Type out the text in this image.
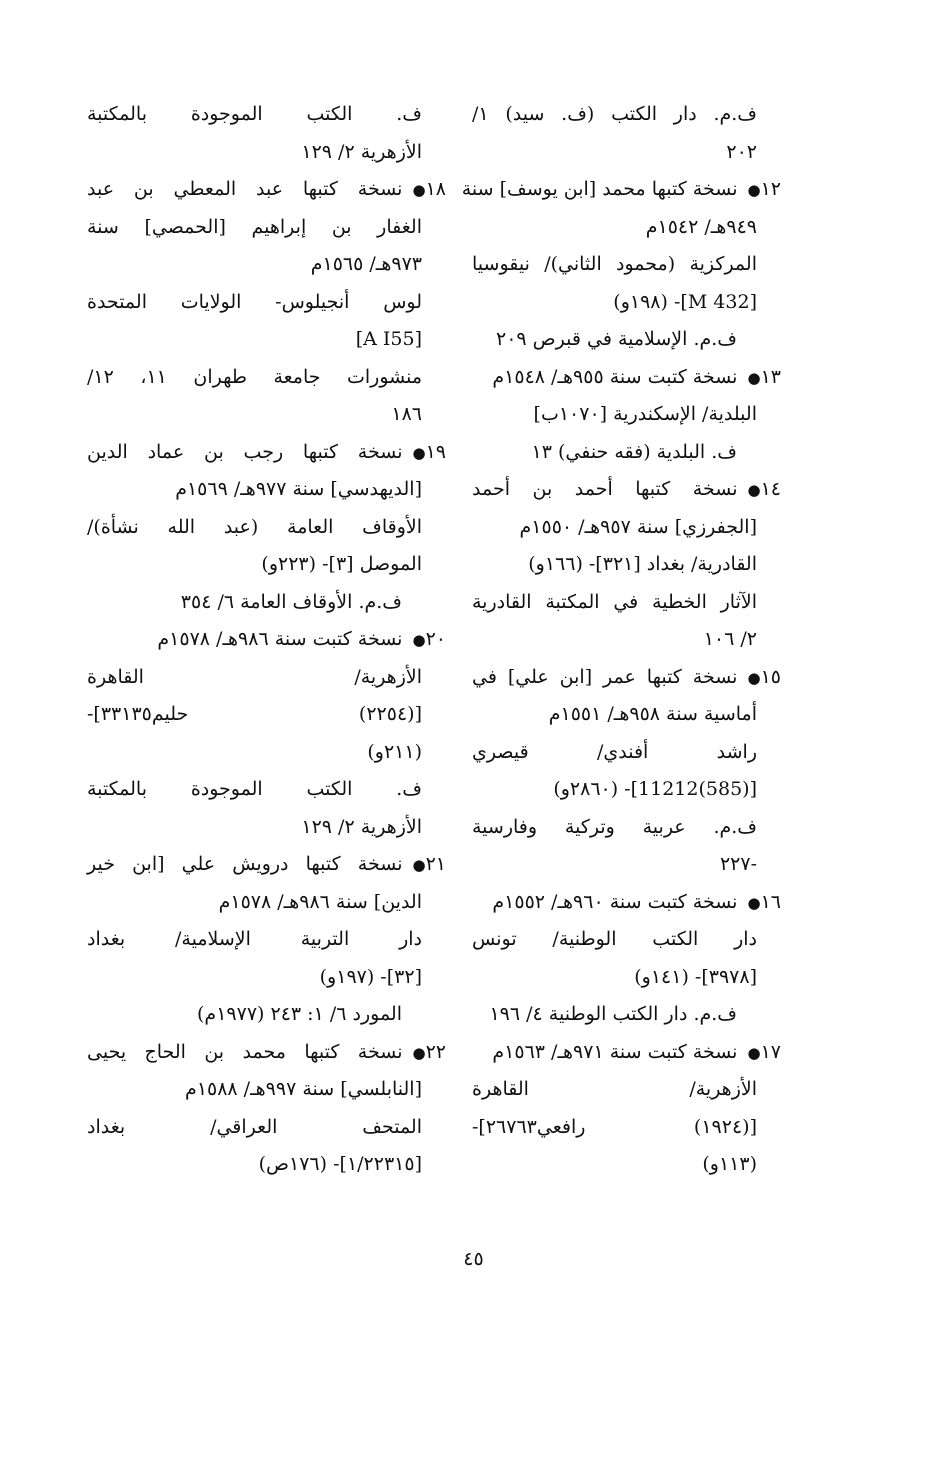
ف.م. دار الكتب (ف. سيد) ١/
٢٠٢
١٢●نسخة كتبها محمد [ابن يوسف] سنة
٩٤٩هـ/ ١٥٤٢م
المركزية (محمود الثاني)/ نيقوسيا
[M 432]- (١٩٨و)
ف.م. الإسلامية في قبرص ٢٠٩
١٣●نسخة كتبت سنة ٩٥٥هـ/ ١٥٤٨م
البلدية/ الإسكندرية [١٠٧٠ب]
ف. البلدية (فقه حنفي) ١٣
١٤●نسخة كتبها أحمد بن أحمد
[الجفرزي] سنة ٩٥٧هـ/ ١٥٥٠م
القادرية/ بغداد [٣٢١]- (١٦٦و)
الآثار الخطية في المكتبة القادرية
٢/ ١٠٦
١٥●نسخة كتبها عمر [ابن علي] في
أماسية سنة ٩٥٨هـ/ ١٥٥١م
راشد أفندي/ قيصري
[(585)11212]- (٢٨٦٠و)
ف.م. عربية وتركية وفارسية
-٢٢٧
١٦●نسخة كتبت سنة ٩٦٠هـ/ ١٥٥٢م
دار الكتب الوطنية/ تونس
[٣٩٧٨]- (١٤١و)
ف.م. دار الكتب الوطنية ٤/ ١٩٦
١٧●نسخة كتبت سنة ٩٧١هـ/ ١٥٦٣م
الأزهرية/ القاهرة
[(١٩٢٤) رافعي٢٦٧٦٣]-
(١١٣و)
ف. الكتب الموجودة بالمكتبة
الأزهرية ٢/ ١٢٩
١٨●نسخة كتبها عبد المعطي بن عبد
الغفار بن إبراهيم [الحمصي] سنة
٩٧٣هـ/ ١٥٦٥م
لوس أنجيلوس- الولايات المتحدة
[A I55]
منشورات جامعة طهران ١١، ١٢/
١٨٦
١٩●نسخة كتبها رجب بن عماد الدين
[الديهدسي] سنة ٩٧٧هـ/ ١٥٦٩م
الأوقاف العامة (عبد الله نشأة)/
الموصل [٣]- (٢٢٣و)
ف.م. الأوقاف العامة ٦/ ٣٥٤
٢٠●نسخة كتبت سنة ٩٨٦هـ/ ١٥٧٨م
الأزهرية/ القاهرة
[(٢٢٥٤) حليم٣٣١٣٥]-
(٢١١و)
ف. الكتب الموجودة بالمكتبة
الأزهرية ٢/ ١٢٩
٢١●نسخة كتبها درويش علي [ابن خير
الدين] سنة ٩٨٦هـ/ ١٥٧٨م
دار التربية الإسلامية/ بغداد
[٣٢]- (١٩٧و)
المورد ٦/ ١: ٢٤٣ (١٩٧٧م)
٢٢●نسخة كتبها محمد بن الحاج يحيى
[النابلسي] سنة ٩٩٧هـ/ ١٥٨٨م
المتحف العراقي/ بغداد
[١/٢٢٣١٥]- (١٧٦ص)
٤٥
